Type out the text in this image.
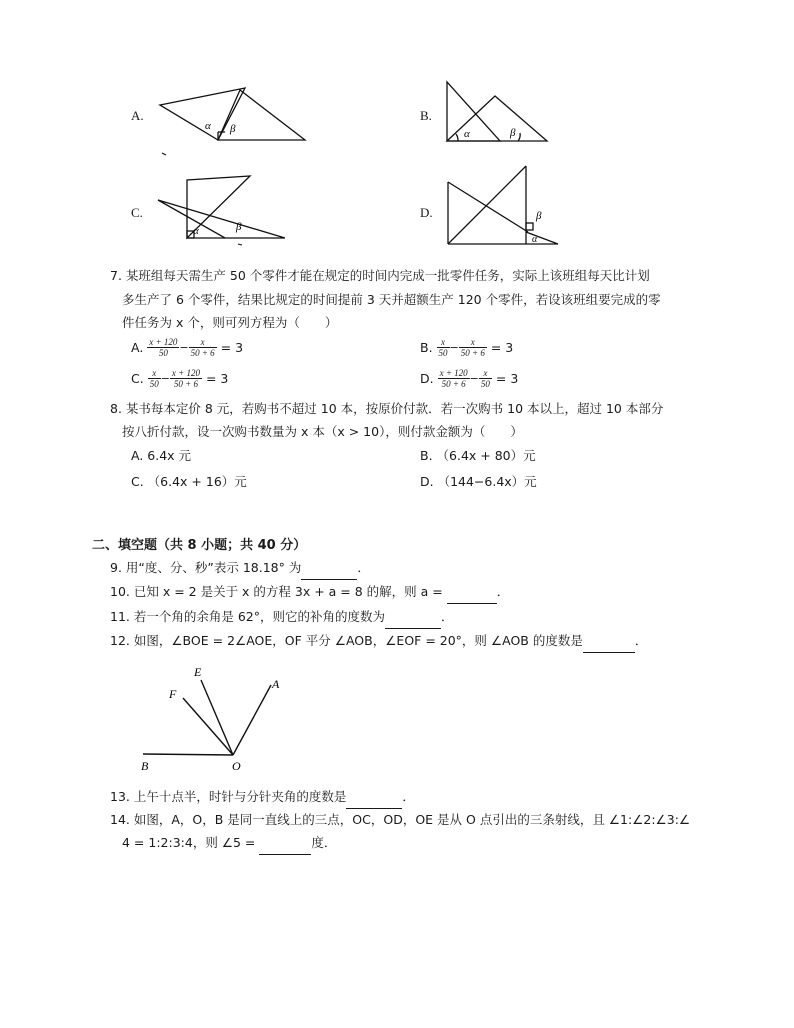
A.
α β
B.
α	β
C.
α	β
D.	β
α
7. 某班组每天需生产 50 个零件才能在规定的时间内完成一批零件任务，实际上该班组每天比计划
多生产了 6 个零件，结果比规定的时间提前 3 天并超额生产 120 个零件，若设该班组要完成的零
件任务为 x 个，则可列方程为（　　）
A. $\frac{x + 120}{50} - \frac{x}{50 + 6} = 3$	B. $\frac{x}{50} - \frac{x}{50 + 6} = 3$
C. $\frac{x}{50} - \frac{x + 120}{50 + 6} = 3$	D. $\frac{x + 120}{50 + 6} - \frac{x}{50} = 3$
8. 某书每本定价 8 元，若购书不超过 10 本，按原价付款．若一次购书 10 本以上，超过 10 本部分
按八折付款，设一次购书数量为 x 本（x > 10），则付款金额为（　　）
A. 6.4x 元	B. （6.4x + 80）元
C. （6.4x + 16）元	D. （144−6.4x）元
二、填空题（共 8 小题；共 40 分）
9. 用“度、分、秒”表示 18.18° 为	．
10. 已知 x = 2 是关于 x 的方程 3x + a = 8 的解，则 a =	．
11. 若一个角的余角是 62°，则它的补角的度数为	．
12. 如图，∠BOE = 2∠AOE，OF 平分 ∠AOB，∠EOF = 20°，则 ∠AOB 的度数是	．
A
E
F
B	O
13. 上午十点半，时针与分针夹角的度数是	．
14. 如图，A，O，B 是同一直线上的三点，OC，OD，OE 是从 O 点引出的三条射线，且 ∠1:∠2:∠3:∠
4 = 1:2:3:4，则 ∠5 =	度．
